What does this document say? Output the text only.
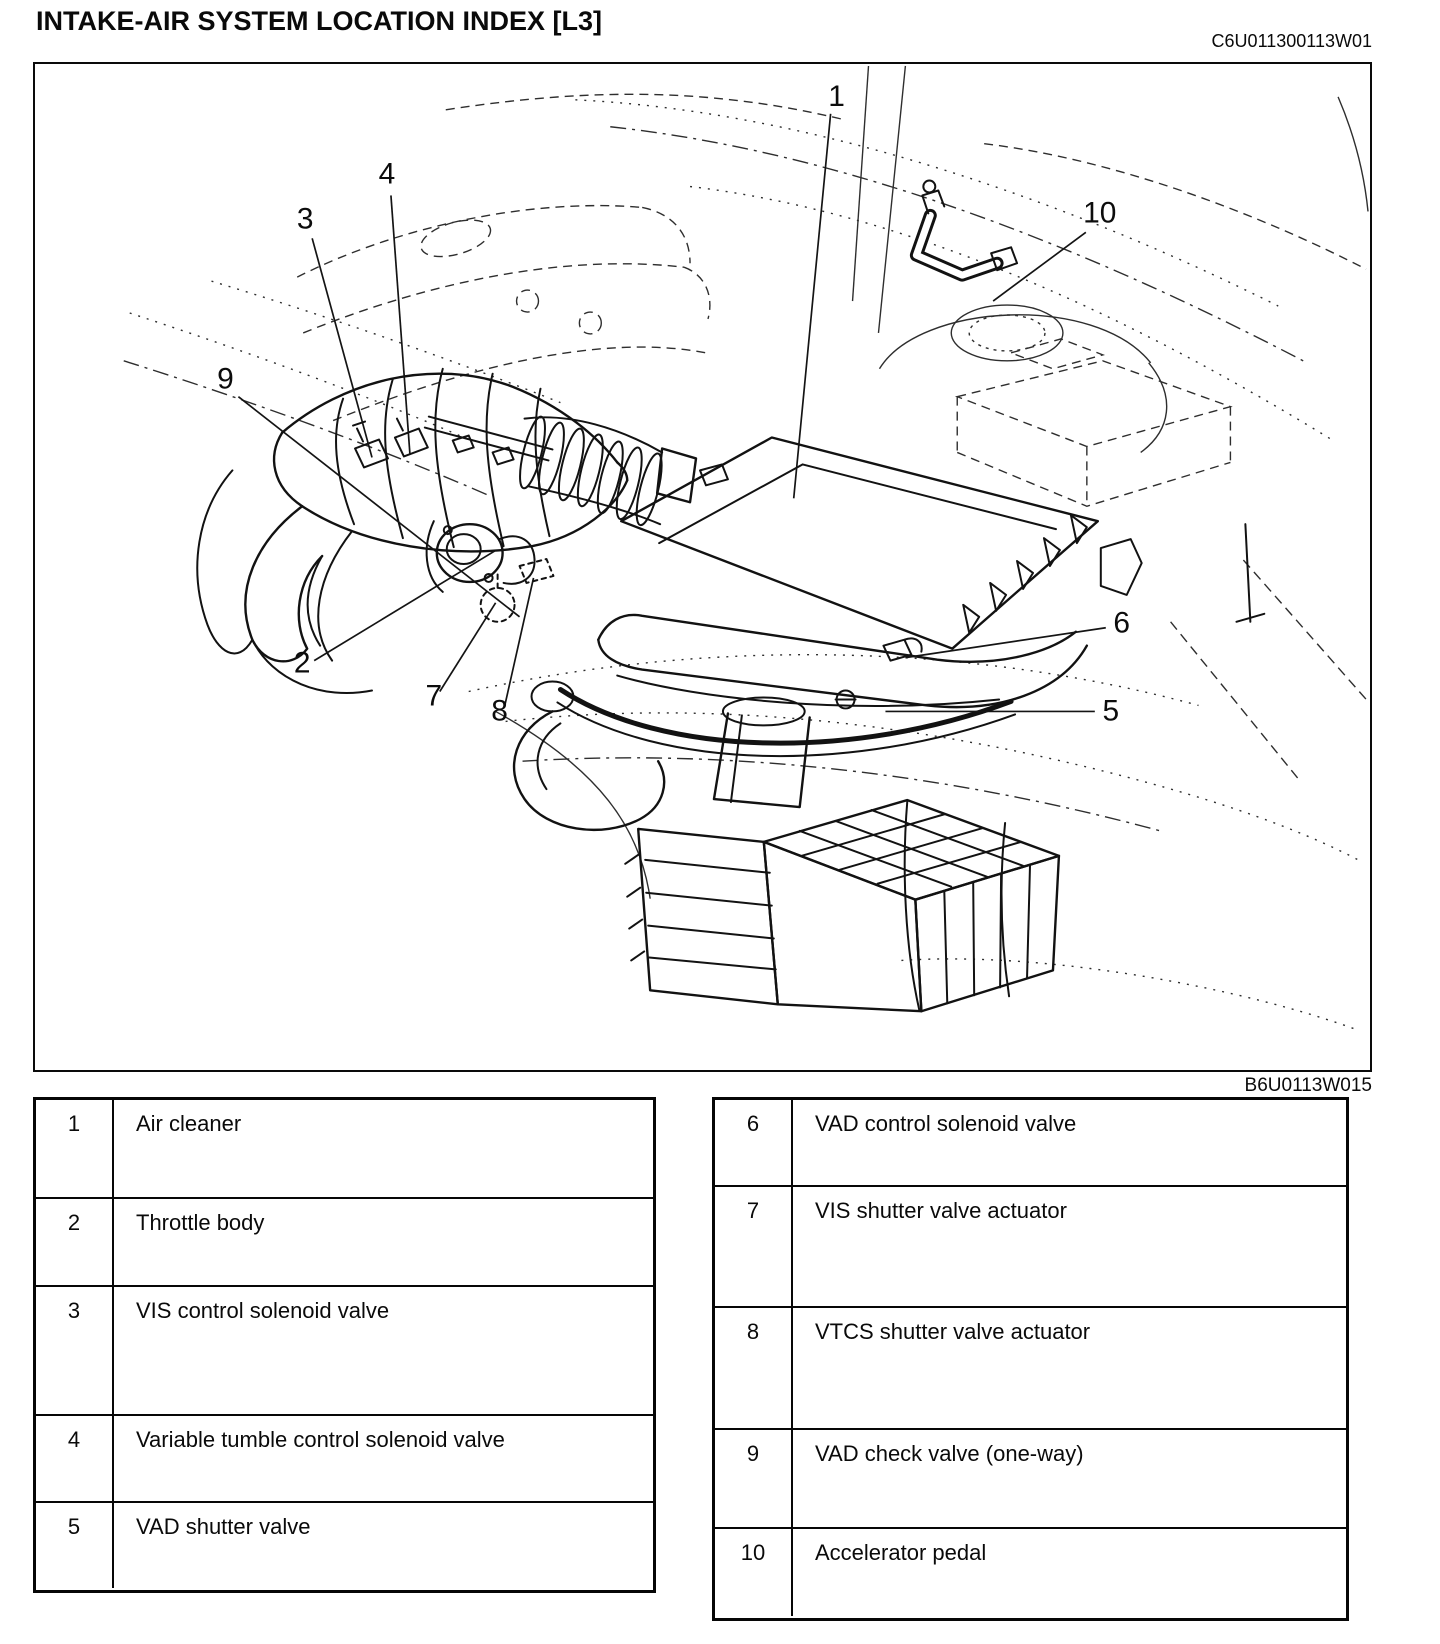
INTAKE-AIR SYSTEM LOCATION INDEX [L3]
C6U011300113W01
1
2
3
4
5
6
7 8
9
10
B6U0113W015
1	Air cleaner
2	Throttle body
3	VIS control solenoid valve
4	Variable tumble control solenoid valve
5	VAD shutter valve
6	VAD control solenoid valve
7	VIS shutter valve actuator
8	VTCS shutter valve actuator
9	VAD check valve (one-way)
10	Accelerator pedal
